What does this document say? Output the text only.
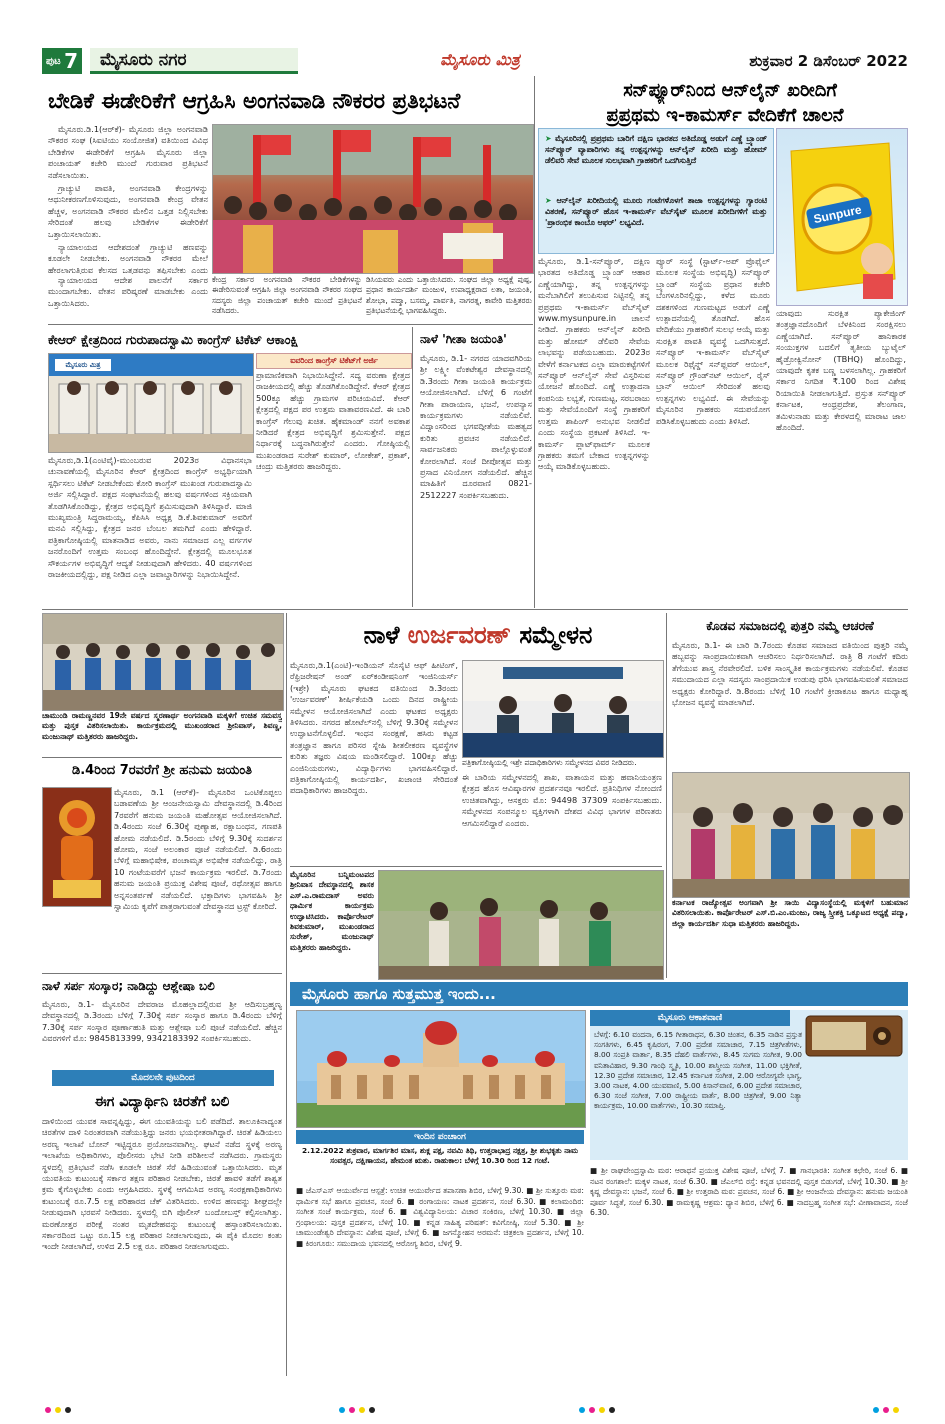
ಪುಟ 7	ಮೈಸೂರು ನಗರ	ಮೈಸೂರು ಮಿತ್ರ	ಶುಕ್ರವಾರ 2 ಡಿಸೆಂಬರ್ 2022
ಬೇಡಿಕೆ ಈಡೇರಿಕೆಗೆ ಆಗ್ರಹಿಸಿ ಅಂಗನವಾಡಿ ನೌಕರರ ಪ್ರತಿಭಟನೆ

ಮೈಸೂರು.ಡಿ.1(ಆರ್‌ಕೆ)- ಮೈಸೂರು ಜಿಲ್ಲಾ ಅಂಗನವಾಡಿ ನೌಕರರ ಸಂಘ (ಸಿಐಟಿಯು ಸಂಯೋಜಿತ) ವತಿಯಿಂದ ವಿವಿಧ ಬೇಡಿಕೆಗಳ ಈಡೇರಿಕೆಗೆ ಆಗ್ರಹಿಸಿ ಮೈಸೂರು ಜಿಲ್ಲಾ ಪಂಚಾಯತ್ ಕಚೇರಿ ಮುಂದೆ ಗುರುವಾರ ಪ್ರತಿಭಟನೆ ನಡೆಸಲಾಯಿತು.

ಗ್ರಾಚ್ಯುಟಿ ಪಾವತಿ, ಅಂಗನವಾಡಿ ಕೇಂದ್ರಗಳನ್ನು ಆಧುನೀಕರಣಗೊಳಿಸುವುದು, ಅಂಗನವಾಡಿ ಕೇಂದ್ರ ವೇತನ ಹೆಚ್ಚಳ, ಅಂಗನವಾಡಿ ನೌಕರರ ಮೇಲಿನ ಒತ್ತಡ ನಿಲ್ಲಿಸಬೇಕು ಸೇರಿದಂತೆ ಹಲವು ಬೇಡಿಕೆಗಳ ಈಡೇರಿಕೆಗೆ ಒತ್ತಾಯಿಸಲಾಯಿತು.

ನ್ಯಾಯಾಲಯದ ಆದೇಶದಂತೆ ಗ್ರಾಚ್ಯುಟಿ ಹಣವನ್ನು ಕೂಡಲೇ ನೀಡಬೇಕು. ಅಂಗನವಾಡಿ ನೌಕರರ ಮೇಲೆ ಹೇರಲಾಗುತ್ತಿರುವ ಕೆಲಸದ ಒತ್ತಡವನ್ನು ತಪ್ಪಿಸಬೇಕು ಎಂದು

ಕೇಂದ್ರ ಸರ್ಕಾರ ಅಂಗನವಾಡಿ ನೌಕರರ ಬೇಡಿಕೆಗಳನ್ನು ಈಡೇರಿಸುವಂತೆ ಆಗ್ರಹಿಸಿ ಜಿಲ್ಲಾ ಅಂಗನವಾಡಿ ನೌಕರರ ಸಂಘದ ಸದಸ್ಯರು ಜಿಲ್ಲಾ ಪಂಚಾಯತ್ ಕಚೇರಿ ಮುಂದೆ ಪ್ರತಿಭಟನೆ ನಡೆಸಿದರು.
ಡಿಸಿಯವರು ಎಂದು ಒತ್ತಾಯಿಸಿದರು. ಸಂಘದ ಜಿಲ್ಲಾ ಅಧ್ಯಕ್ಷೆ ಪುಷ್ಪ, ಪ್ರಧಾನ ಕಾರ್ಯದರ್ಶಿ ಮಂಜುಳ, ಉಪಾಧ್ಯಕ್ಷರಾದ ಲತಾ, ಜಯಂತಿ, ಶೋಭಾ, ಪದ್ಮಾ, ಬಸಮ್ಮ, ಪಾರ್ವತಿ, ನಾಗರತ್ನ, ಕಾವೇರಿ ಮತ್ತಿತರರು ಪ್ರತಿಭಟನೆಯಲ್ಲಿ ಭಾಗವಹಿಸಿದ್ದರು.

ನ್ಯಾಯಾಲಯದ ಆದೇಶ ಪಾಲನೆಗೆ ಸರ್ಕಾರ ಮುಂದಾಗಬೇಕು. ವೇತನ ಪರಿಷ್ಕರಣೆ ಮಾಡಬೇಕು ಎಂದು ಒತ್ತಾಯಿಸಿದರು.

ಸನ್‌ಪ್ಯೂರ್‌ನಿಂದ ಆನ್‌ಲೈನ್ ಖರೀದಿಗೆ
ಪ್ರಪ್ರಥಮ ಇ-ಕಾಮರ್ಸ್ ವೇದಿಕೆಗೆ ಚಾಲನೆ
➤ ಮೈಸೂರಿನಲ್ಲಿ ಪ್ರಪ್ರಥಮ ಬಾರಿಗೆ ದಕ್ಷಿಣ ಭಾರತದ ಅತಿದೊಡ್ಡ ಅಡುಗೆ ಎಣ್ಣೆ ಬ್ರ್ಯಾಂಡ್ ಸನ್‌ಪ್ಯೂರ್ ವ್ಯಾಪಾರಿಗಳು ತನ್ನ ಉತ್ಪನ್ನಗಳನ್ನು ಆನ್‌ಲೈನ್ ಖರೀದಿ ಮತ್ತು ಹೋಮ್ ಡೆಲಿವರಿ ಸೇವೆ ಮೂಲಕ ಸುಲಭವಾಗಿ ಗ್ರಾಹಕರಿಗೆ ಒದಗಿಸುತ್ತಿದೆ
➤ ಆನ್‌ಲೈನ್ ಖರೀದಿಯಲ್ಲಿ ಮೂರು ಗಂಟೆಗಳೊಳಗೆ ತಾಜಾ ಉತ್ಪನ್ನಗಳನ್ನು ಗ್ಯಾರಂಟಿ ವಿತರಣೆ, ಸನ್‌ಪ್ಯೂರ್ ಹೊಸ ಇ-ಕಾಮರ್ಸ್ ವೆಬ್‌ಸೈಟ್ ಮೂಲಕ ಖರೀದಿಗಳಿಗೆ ಮತ್ತು 'ಪ್ರಾರಂಭಿಕ ಕಾಂಬೊ ಆಫರ್' ಲಭ್ಯವಿದೆ.	Sunpure
ಮೈಸೂರು, ಡಿ.1-ಸನ್‌ಪ್ಯೂರ್, ದಕ್ಷಿಣ ಭಾರತದ ಅತಿದೊಡ್ಡ ಬ್ರ್ಯಾಂಡ್ ಆಹಾರ ಎಣ್ಣೆಯಾಗಿದ್ದು, ತನ್ನ ಉತ್ಪನ್ನಗಳನ್ನು ಮನೆಬಾಗಿಲಿಗೆ ತಲುಪಿಸುವ ನಿಟ್ಟಿನಲ್ಲಿ ತನ್ನ ಪ್ರಪ್ರಥಮ ಇ-ಕಾಮರ್ಸ್ ವೆಬ್‌ಸೈಟ್ www.mysunpure.in ಚಾಲನೆ ನೀಡಿದೆ. ಗ್ರಾಹಕರು ಆನ್‌ಲೈನ್ ಖರೀದಿ ಮತ್ತು ಹೋಮ್ ಡೆಲಿವರಿ ಸೇವೆಯ ಲಾಭವನ್ನು ಪಡೆಯಬಹುದು. 2023ರ ವೇಳೆಗೆ ಕರ್ನಾಟಕದ ಎಲ್ಲಾ ಮಾರುಕಟ್ಟೆಗಳಿಗೆ ಸನ್‌ಪ್ಯೂರ್ ಆನ್‌ಲೈನ್ ಸೇವೆ ವಿಸ್ತರಿಸುವ ಯೋಜನೆ ಹೊಂದಿದೆ. ಎಣ್ಣೆ ಉತ್ಪಾದನಾ ಕಂಪನಿಯ ಲಭ್ಯತೆ, ಗುಣಮಟ್ಟ, ಸರಬರಾಜು ಮತ್ತು ಸೇವೆಯೊಂದಿಗೆ ಸಂಸ್ಥೆ ಗ್ರಾಹಕರಿಗೆ ಉತ್ತಮ ಶಾಪಿಂಗ್ ಅನುಭವ ನೀಡಲಿದೆ ಎಂದು ಸಂಸ್ಥೆಯ ಪ್ರಕಟಣೆ ತಿಳಿಸಿದೆ. ಇ-ಕಾಮರ್ಸ್ ಪ್ಲಾಟ್‌ಫಾರ್ಮ್ ಮೂಲಕ ಗ್ರಾಹಕರು ತಮಗೆ ಬೇಕಾದ ಉತ್ಪನ್ನಗಳನ್ನು ಆಯ್ಕೆ ಮಾಡಿಕೊಳ್ಳಬಹುದು.
ಪ್ಯೂರ್ ಸಂಸ್ಥೆ (ಸ್ಟಾರ್ಟ್-ಅಪ್ ಪ್ರೊಫೈಲ್ ಮೂಲಕ ಸಂಸ್ಥೆಯ ಅಭಿವೃದ್ಧಿ) ಸನ್‌ಪ್ಯೂರ್ ಬ್ರ್ಯಾಂಡ್ ಸಂಸ್ಥೆಯ ಪ್ರಧಾನ ಕಚೇರಿ ಬೆಂಗಳೂರಿನಲ್ಲಿದ್ದು, ಕಳೆದ ಮೂರು ದಶಕಗಳಿಂದ ಗುಣಮಟ್ಟದ ಅಡುಗೆ ಎಣ್ಣೆ ಉತ್ಪಾದನೆಯಲ್ಲಿ ತೊಡಗಿದೆ. ಹೊಸ ವೇದಿಕೆಯು ಗ್ರಾಹಕರಿಗೆ ಸುಲಭ ಆಯ್ಕೆ ಮತ್ತು ಸುರಕ್ಷಿತ ಪಾವತಿ ವ್ಯವಸ್ಥೆ ಒದಗಿಸುತ್ತದೆ. ಸನ್‌ಪ್ಯೂರ್ ಇ-ಕಾಮರ್ಸ್ ವೆಬ್‌ಸೈಟ್ ಮೂಲಕ ರಿಫೈನ್ಡ್ ಸನ್‌ಫ್ಲವರ್ ಆಯಿಲ್, ಸನ್‌ಪ್ಯೂರ್ ಗ್ರೌಂಡ್‌ನಟ್ ಆಯಿಲ್, ರೈಸ್ ಬ್ರಾನ್ ಆಯಿಲ್ ಸೇರಿದಂತೆ ಹಲವು ಉತ್ಪನ್ನಗಳು ಲಭ್ಯವಿದೆ. ಈ ಸೇವೆಯನ್ನು ಮೈಸೂರಿನ ಗ್ರಾಹಕರು ಸದುಪಯೋಗ ಪಡಿಸಿಕೊಳ್ಳಬಹುದು ಎಂದು ತಿಳಿಸಿದೆ.
ಯಾವುದು ಸುರಕ್ಷಿತ ಪ್ಯಾಕೇಜಿಂಗ್ ತಂತ್ರಜ್ಞಾನದೊಂದಿಗೆ ಬೆಳಕಿನಿಂದ ಸಂರಕ್ಷಿಸಲು ಎಣ್ಣೆಯಾಗಿದೆ. ಸನ್‌ಪ್ಯೂರ್ ಹಾನಿಕಾರಕ ಸಂಯುಕ್ತಗಳ ಬದಲಿಗೆ ತೃತೀಯ ಬ್ಯುಟೈಲ್ ಹೈಡ್ರೋಕ್ವಿನೋನ್ (TBHQ) ಹೊಂದಿದ್ದು, ಯಾವುದೇ ಕೃತಕ ಬಣ್ಣ ಬಳಸಲಾಗಿಲ್ಲ. ಗ್ರಾಹಕರಿಗೆ ಸರ್ಕಾರ ನಿಗದಿತ ₹.100 ರಿಂದ ವಿಶೇಷ ರಿಯಾಯಿತಿ ನೀಡಲಾಗುತ್ತಿದೆ. ಪ್ರಸ್ತುತ ಸನ್‌ಪ್ಯೂರ್ ಕರ್ನಾಟಕ, ಆಂಧ್ರಪ್ರದೇಶ, ತೆಲಂಗಾಣ, ತಮಿಳುನಾಡು ಮತ್ತು ಕೇರಳದಲ್ಲಿ ಮಾರಾಟ ಜಾಲ ಹೊಂದಿದೆ.
ಕೇಆರ್ ಕ್ಷೇತ್ರದಿಂದ ಗುರುಪಾದಸ್ವಾಮಿ ಕಾಂಗ್ರೆಸ್ ಟಿಕೆಟ್ ಆಕಾಂಕ್ಷಿ
ಮೈಸೂರು ಮಿತ್ರ	ಐವರಿಂದ ಕಾಂಗ್ರೆಸ್ ಟಿಕೆಟ್‌ಗೆ ಅರ್ಜಿ
ಪ್ರಾಮಾಣಿಕವಾಗಿ ನಿಭಾಯಿಸಿದ್ದೇನೆ. ಸದ್ಯ ವರುಣಾ ಕ್ಷೇತ್ರದ ರಾಜಕೀಯದಲ್ಲಿ ಹೆಚ್ಚು ತೊಡಗಿಕೊಂಡಿದ್ದೇನೆ. ಕೆಆರ್ ಕ್ಷೇತ್ರದ 500ಕ್ಕೂ ಹೆಚ್ಚು ಗ್ರಾಮಗಳ ಪರಿಚಯವಿದೆ. ಕೆಆರ್ ಕ್ಷೇತ್ರದಲ್ಲಿ ಪಕ್ಷದ ಪರ ಉತ್ತಮ ವಾತಾವರಣವಿದೆ. ಈ ಬಾರಿ ಕಾಂಗ್ರೆಸ್ ಗೆಲುವು ಖಚಿತ. ಹೈಕಮಾಂಡ್ ನನಗೆ ಅವಕಾಶ ನೀಡಿದರೆ ಕ್ಷೇತ್ರದ ಅಭಿವೃದ್ಧಿಗೆ ಶ್ರಮಿಸುತ್ತೇನೆ. ಪಕ್ಷದ ನಿರ್ಧಾರಕ್ಕೆ ಬದ್ಧನಾಗಿರುತ್ತೇನೆ ಎಂದರು. ಗೋಷ್ಠಿಯಲ್ಲಿ ಮುಖಂಡರಾದ ಸುರೇಶ್ ಕುಮಾರ್, ಲೋಕೇಶ್, ಪ್ರಕಾಶ್, ಚಂದ್ರು ಮತ್ತಿತರರು ಹಾಜರಿದ್ದರು.
ಮೈಸೂರು,ಡಿ.1(ಎಂಟಿವೈ)-ಮುಂಬರುವ 2023ರ ವಿಧಾನಸಭಾ ಚುನಾವಣೆಯಲ್ಲಿ ಮೈಸೂರಿನ ಕೆಆರ್ ಕ್ಷೇತ್ರದಿಂದ ಕಾಂಗ್ರೆಸ್ ಅಭ್ಯರ್ಥಿಯಾಗಿ ಸ್ಪರ್ಧಿಸಲು ಟಿಕೆಟ್ ನೀಡಬೇಕೆಂದು ಕೋರಿ ಕಾಂಗ್ರೆಸ್ ಮುಖಂಡ ಗುರುಪಾದಸ್ವಾಮಿ ಅರ್ಜಿ ಸಲ್ಲಿಸಿದ್ದಾರೆ. ಪಕ್ಷದ ಸಂಘಟನೆಯಲ್ಲಿ ಹಲವು ವರ್ಷಗಳಿಂದ ಸಕ್ರಿಯವಾಗಿ ತೊಡಗಿಸಿಕೊಂಡಿದ್ದು, ಕ್ಷೇತ್ರದ ಅಭಿವೃದ್ಧಿಗೆ ಶ್ರಮಿಸುವುದಾಗಿ ತಿಳಿಸಿದ್ದಾರೆ. ಮಾಜಿ ಮುಖ್ಯಮಂತ್ರಿ ಸಿದ್ದರಾಮಯ್ಯ, ಕೆಪಿಸಿಸಿ ಅಧ್ಯಕ್ಷ ಡಿ.ಕೆ.ಶಿವಕುಮಾರ್ ಅವರಿಗೆ ಮನವಿ ಸಲ್ಲಿಸಿದ್ದು, ಕ್ಷೇತ್ರದ ಜನರ ಬೆಂಬಲ ತಮಗಿದೆ ಎಂದು ಹೇಳಿದ್ದಾರೆ. ಪತ್ರಿಕಾಗೋಷ್ಠಿಯಲ್ಲಿ ಮಾತನಾಡಿದ ಅವರು, ನಾನು ಸಮಾಜದ ಎಲ್ಲ ವರ್ಗಗಳ ಜನರೊಂದಿಗೆ ಉತ್ತಮ ಸಂಬಂಧ ಹೊಂದಿದ್ದೇನೆ. ಕ್ಷೇತ್ರದಲ್ಲಿ ಮೂಲಭೂತ ಸೌಕರ್ಯಗಳ ಅಭಿವೃದ್ಧಿಗೆ ಆದ್ಯತೆ ನೀಡುವುದಾಗಿ ಹೇಳಿದರು. 40 ವರ್ಷಗಳಿಂದ ರಾಜಕೀಯದಲ್ಲಿದ್ದು, ಪಕ್ಷ ನೀಡಿದ ಎಲ್ಲಾ ಜವಾಬ್ದಾರಿಗಳನ್ನು ನಿಭಾಯಿಸಿದ್ದೇನೆ.
ನಾಳೆ 'ಗೀತಾ ಜಯಂತಿ'
ಮೈಸೂರು, ಡಿ.1- ನಗರದ ಯಾದವಗಿರಿಯ ಶ್ರೀ ಲಕ್ಷ್ಮೀ ವೆಂಕಟೇಶ್ವರ ದೇವಸ್ಥಾನದಲ್ಲಿ ಡಿ.3ರಂದು ಗೀತಾ ಜಯಂತಿ ಕಾರ್ಯಕ್ರಮ ಆಯೋಜಿಸಲಾಗಿದೆ. ಬೆಳಿಗ್ಗೆ 6 ಗಂಟೆಗೆ ಗೀತಾ ಪಾರಾಯಣ, ಭಜನೆ, ಉಪನ್ಯಾಸ ಕಾರ್ಯಕ್ರಮಗಳು ನಡೆಯಲಿವೆ. ವಿದ್ವಾಂಸರಿಂದ ಭಗವದ್ಗೀತೆಯ ಮಹತ್ವದ ಕುರಿತು ಪ್ರವಚನ ನಡೆಯಲಿದೆ. ಸಾರ್ವಜನಿಕರು ಪಾಲ್ಗೊಳ್ಳುವಂತೆ ಕೋರಲಾಗಿದೆ. ಸಂಜೆ ದೀಪೋತ್ಸವ ಮತ್ತು ಪ್ರಸಾದ ವಿನಿಯೋಗ ನಡೆಯಲಿದೆ. ಹೆಚ್ಚಿನ ಮಾಹಿತಿಗೆ ದೂರವಾಣಿ 0821-2512227 ಸಂಪರ್ಕಿಸಬಹುದು.
ಚಾಮುಂಡಿ ರಾಮಣ್ಣನವರ 19ನೇ ವರ್ಷದ ಸ್ಮರಣಾರ್ಥ ಅಂಗನವಾಡಿ ಮಕ್ಕಳಿಗೆ ಉಚಿತ ಸಮವಸ್ತ್ರ ಮತ್ತು ಪುಸ್ತಕ ವಿತರಿಸಲಾಯಿತು. ಕಾರ್ಯಕ್ರಮದಲ್ಲಿ ಮುಖಂಡರಾದ ಶ್ರೀನಿವಾಸ್, ಶಿವಣ್ಣ, ಮಂಜುನಾಥ್ ಮತ್ತಿತರರು ಹಾಜರಿದ್ದರು.
ಡಿ.4ರಿಂದ 7ರವರೆಗೆ ಶ್ರೀ ಹನುಮ ಜಯಂತಿ
ಮೈಸೂರು, ಡಿ.1 (ಆರ್‌ಕೆ)- ಮೈಸೂರಿನ ಒಂಟಿಕೊಪ್ಪಲು ಬಡಾವಣೆಯ ಶ್ರೀ ಆಂಜನೇಯಸ್ವಾಮಿ ದೇವಸ್ಥಾನದಲ್ಲಿ ಡಿ.4ರಿಂದ 7ರವರೆಗೆ ಹನುಮ ಜಯಂತಿ ಮಹೋತ್ಸವ ಆಯೋಜಿಸಲಾಗಿದೆ. ಡಿ.4ರಂದು ಸಂಜೆ 6.30ಕ್ಕೆ ಪುಣ್ಯಾಹ, ರಕ್ಷಾಬಂಧನ, ಗಣಪತಿ ಹೋಮ ನಡೆಯಲಿದೆ. ಡಿ.5ರಂದು ಬೆಳಿಗ್ಗೆ 9.30ಕ್ಕೆ ಸುದರ್ಶನ ಹೋಮ, ಸಂಜೆ ಅಲಂಕಾರ ಪೂಜೆ ನಡೆಯಲಿದೆ. ಡಿ.6ರಂದು ಬೆಳಿಗ್ಗೆ ಮಹಾಭಿಷೇಕ, ಪಂಚಾಮೃತ ಅಭಿಷೇಕ ನಡೆಯಲಿದ್ದು, ರಾತ್ರಿ 10 ಗಂಟೆಯವರೆಗೆ ಭಜನೆ ಕಾರ್ಯಕ್ರಮ ಇರಲಿದೆ. ಡಿ.7ರಂದು ಹನುಮ ಜಯಂತಿ ಪ್ರಯುಕ್ತ ವಿಶೇಷ ಪೂಜೆ, ರಥೋತ್ಸವ ಹಾಗೂ ಅನ್ನಸಂತರ್ಪಣೆ ನಡೆಯಲಿದೆ. ಭಕ್ತಾದಿಗಳು ಭಾಗವಹಿಸಿ ಶ್ರೀ ಸ್ವಾಮಿಯ ಕೃಪೆಗೆ ಪಾತ್ರರಾಗುವಂತೆ ದೇವಸ್ಥಾನದ ಟ್ರಸ್ಟ್ ಕೋರಿದೆ.
ನಾಳೆ ಸರ್ಪ ಸಂಸ್ಕಾರ; ನಾಡಿದ್ದು ಆಶ್ಲೇಷಾ ಬಲಿ
ಮೈಸೂರು, ಡಿ.1- ಮೈಸೂರಿನ ದೇವರಾಜ ಮೊಹಲ್ಲಾದಲ್ಲಿರುವ ಶ್ರೀ ಆದಿಸುಬ್ರಹ್ಮಣ್ಯ ದೇವಸ್ಥಾನದಲ್ಲಿ ಡಿ.3ರಂದು ಬೆಳಿಗ್ಗೆ 7.30ಕ್ಕೆ ಸರ್ಪ ಸಂಸ್ಕಾರ ಹಾಗೂ ಡಿ.4ರಂದು ಬೆಳಿಗ್ಗೆ 7.30ಕ್ಕೆ ಸರ್ಪ ಸಂಸ್ಕಾರ ಪೂರ್ಣಾಹುತಿ ಮತ್ತು ಆಶ್ಲೇಷಾ ಬಲಿ ಪೂಜೆ ನಡೆಯಲಿದೆ. ಹೆಚ್ಚಿನ ವಿವರಗಳಿಗೆ ಮೊ: 9845813399, 9342183392 ಸಂಪರ್ಕಿಸಬಹುದು.
ಮೊದಲನೇ ಪುಟದಿಂದ
ಈಗ ವಿದ್ಯಾರ್ಥಿನಿ ಚಿರತೆಗೆ ಬಲಿ
ದಾಳಿಯಿಂದ ಯುವಕ ಸಾವನ್ನಪ್ಪಿದ್ದು, ಈಗ ಯುವತಿಯನ್ನು ಬಲಿ ಪಡೆದಿದೆ. ತಾಲೂಕಿನಾದ್ಯಂತ ಚಿರತೆಗಳ ದಾಳಿ ನಿರಂತರವಾಗಿ ನಡೆಯುತ್ತಿದ್ದು ಜನರು ಭಯಭೀತರಾಗಿದ್ದಾರೆ. ಚಿರತೆ ಹಿಡಿಯಲು ಅರಣ್ಯ ಇಲಾಖೆ ಬೋನ್ ಇಟ್ಟಿದ್ದರೂ ಪ್ರಯೋಜನವಾಗಿಲ್ಲ. ಘಟನೆ ನಡೆದ ಸ್ಥಳಕ್ಕೆ ಅರಣ್ಯ ಇಲಾಖೆಯ ಅಧಿಕಾರಿಗಳು, ಪೊಲೀಸರು ಭೇಟಿ ನೀಡಿ ಪರಿಶೀಲನೆ ನಡೆಸಿದರು. ಗ್ರಾಮಸ್ಥರು ಸ್ಥಳದಲ್ಲಿ ಪ್ರತಿಭಟನೆ ನಡೆಸಿ ಕೂಡಲೇ ಚಿರತೆ ಸೆರೆ ಹಿಡಿಯುವಂತೆ ಒತ್ತಾಯಿಸಿದರು. ಮೃತ ಯುವತಿಯ ಕುಟುಂಬಕ್ಕೆ ಸರ್ಕಾರ ತಕ್ಷಣ ಪರಿಹಾರ ನೀಡಬೇಕು, ಚಿರತೆ ಹಾವಳಿ ತಡೆಗೆ ಶಾಶ್ವತ ಕ್ರಮ ಕೈಗೊಳ್ಳಬೇಕು ಎಂದು ಆಗ್ರಹಿಸಿದರು. ಸ್ಥಳಕ್ಕೆ ಆಗಮಿಸಿದ ಅರಣ್ಯ ಸಂರಕ್ಷಣಾಧಿಕಾರಿಗಳು ಕುಟುಂಬಕ್ಕೆ ರೂ.7.5 ಲಕ್ಷ ಪರಿಹಾರದ ಚೆಕ್ ವಿತರಿಸಿದರು. ಉಳಿದ ಹಣವನ್ನು ಶೀಘ್ರದಲ್ಲೇ ನೀಡುವುದಾಗಿ ಭರವಸೆ ನೀಡಿದರು. ಸ್ಥಳದಲ್ಲಿ ಬಿಗಿ ಪೊಲೀಸ್ ಬಂದೋಬಸ್ತ್ ಕಲ್ಪಿಸಲಾಗಿತ್ತು. ಮರಣೋತ್ತರ ಪರೀಕ್ಷೆ ನಂತರ ಮೃತದೇಹವನ್ನು ಕುಟುಂಬಕ್ಕೆ ಹಸ್ತಾಂತರಿಸಲಾಯಿತು. ಸರ್ಕಾರದಿಂದ ಒಟ್ಟು ರೂ.15 ಲಕ್ಷ ಪರಿಹಾರ ನೀಡಲಾಗುವುದು, ಈ ಪೈಕಿ ಮೊದಲ ಕಂತು ಇಂದೇ ನೀಡಲಾಗಿದೆ, ಉಳಿದ 2.5 ಲಕ್ಷ ರೂ. ಪರಿಹಾರ ನೀಡಲಾಗುವುದು.
ನಾಳೆ ಉರ್ಜವರಣ್ ಸಮ್ಮೇಳನ
ಮೈಸೂರು,ಡಿ.1(ಎಂಟಿ)-ಇಂಡಿಯನ್ ಸೊಸೈಟಿ ಆಫ್ ಹೀಟಿಂಗ್, ರೆಫ್ರಿಜರೇಷನ್ ಅಂಡ್ ಏರ್‌ಕಂಡೀಷನಿಂಗ್ ಇಂಜಿನಿಯರ್ಸ್ (ಇಶ್ರೇ) ಮೈಸೂರು ಘಟಕದ ವತಿಯಿಂದ ಡಿ.3ರಂದು 'ಉರ್ಜವರಣ್' ಶೀರ್ಷಿಕೆಯಡಿ ಒಂದು ದಿನದ ರಾಷ್ಟ್ರೀಯ ಸಮ್ಮೇಳನ ಆಯೋಜಿಸಲಾಗಿದೆ ಎಂದು ಘಟಕದ ಅಧ್ಯಕ್ಷರು ತಿಳಿಸಿದರು. ನಗರದ ಹೋಟೆಲ್‌ನಲ್ಲಿ ಬೆಳಿಗ್ಗೆ 9.30ಕ್ಕೆ ಸಮ್ಮೇಳನ ಉದ್ಘಾಟನೆಗೊಳ್ಳಲಿದೆ. ಇಂಧನ ಸಂರಕ್ಷಣೆ, ಹಸಿರು ಕಟ್ಟಡ ತಂತ್ರಜ್ಞಾನ ಹಾಗೂ ಪರಿಸರ ಸ್ನೇಹಿ ಶೀತಲೀಕರಣ ವ್ಯವಸ್ಥೆಗಳ ಕುರಿತು ತಜ್ಞರು ವಿಷಯ ಮಂಡಿಸಲಿದ್ದಾರೆ. 100ಕ್ಕೂ ಹೆಚ್ಚು ಎಂಜಿನಿಯರುಗಳು, ವಿದ್ಯಾರ್ಥಿಗಳು ಭಾಗವಹಿಸಲಿದ್ದಾರೆ. ಪತ್ರಿಕಾಗೋಷ್ಠಿಯಲ್ಲಿ ಕಾರ್ಯದರ್ಶಿ, ಖಜಾಂಚಿ ಸೇರಿದಂತೆ ಪದಾಧಿಕಾರಿಗಳು ಹಾಜರಿದ್ದರು.
ಪತ್ರಿಕಾಗೋಷ್ಠಿಯಲ್ಲಿ ಇಶ್ರೇ ಪದಾಧಿಕಾರಿಗಳು ಸಮ್ಮೇಳನದ ವಿವರ ನೀಡಿದರು.
ಈ ಬಾರಿಯ ಸಮ್ಮೇಳನದಲ್ಲಿ ಶಾಖ, ವಾತಾಯನ ಮತ್ತು ಹವಾನಿಯಂತ್ರಣ ಕ್ಷೇತ್ರದ ಹೊಸ ಆವಿಷ್ಕಾರಗಳ ಪ್ರದರ್ಶನವೂ ಇರಲಿದೆ. ಪ್ರತಿನಿಧಿಗಳ ನೋಂದಣಿ ಉಚಿತವಾಗಿದ್ದು, ಆಸಕ್ತರು ಮೊ: 94498 37309 ಸಂಪರ್ಕಿಸಬಹುದು. ಸಮ್ಮೇಳನದ ಸಂಪನ್ಮೂಲ ವ್ಯಕ್ತಿಗಳಾಗಿ ದೇಶದ ವಿವಿಧ ಭಾಗಗಳ ಪರಿಣತರು ಆಗಮಿಸಲಿದ್ದಾರೆ ಎಂದರು.
ಮೈಸೂರಿನ ಬನ್ನಿಮಂಟಪದ ಶ್ರೀನಿವಾಸ ದೇವಸ್ಥಾನದಲ್ಲಿ ಶಾಸಕ ಎಸ್.ಎ.ರಾಮದಾಸ್ ಅವರು ಧಾರ್ಮಿಕ ಕಾರ್ಯಕ್ರಮ ಉದ್ಘಾಟಿಸಿದರು. ಕಾರ್ಪೊರೇಟರ್ ಶಿವಕುಮಾರ್, ಮುಖಂಡರಾದ ಸುರೇಶ್, ಮಂಜುನಾಥ್ ಮತ್ತಿತರರು ಹಾಜರಿದ್ದರು.
ಕೊಡವ ಸಮಾಜದಲ್ಲಿ ಪುತ್ತರಿ ನಮ್ಮೆ ಆಚರಣೆ
ಮೈಸೂರು, ಡಿ.1- ಈ ಬಾರಿ ಡಿ.7ರಂದು ಕೊಡವ ಸಮಾಜದ ವತಿಯಿಂದ ಪುತ್ತರಿ ನಮ್ಮೆ ಹಬ್ಬವನ್ನು ಸಾಂಪ್ರದಾಯಿಕವಾಗಿ ಆಚರಿಸಲು ನಿರ್ಧರಿಸಲಾಗಿದೆ. ರಾತ್ರಿ 8 ಗಂಟೆಗೆ ಕದಿರು ತೆಗೆಯುವ ಶಾಸ್ತ್ರ ನೆರವೇರಲಿದೆ. ಬಳಿಕ ಸಾಂಸ್ಕೃತಿಕ ಕಾರ್ಯಕ್ರಮಗಳು ನಡೆಯಲಿವೆ. ಕೊಡವ ಸಮುದಾಯದ ಎಲ್ಲಾ ಸದಸ್ಯರು ಸಾಂಪ್ರದಾಯಿಕ ಉಡುಪು ಧರಿಸಿ ಭಾಗವಹಿಸುವಂತೆ ಸಮಾಜದ ಅಧ್ಯಕ್ಷರು ಕೋರಿದ್ದಾರೆ. ಡಿ.8ರಂದು ಬೆಳಿಗ್ಗೆ 10 ಗಂಟೆಗೆ ಕ್ರೀಡಾಕೂಟ ಹಾಗೂ ಮಧ್ಯಾಹ್ನ ಭೋಜನ ವ್ಯವಸ್ಥೆ ಮಾಡಲಾಗಿದೆ.
ಕರ್ನಾಟಕ ರಾಜ್ಯೋತ್ಸವ ಅಂಗವಾಗಿ ಶ್ರೀ ಸಾಯಿ ವಿದ್ಯಾಸಂಸ್ಥೆಯಲ್ಲಿ ಮಕ್ಕಳಿಗೆ ಬಹುಮಾನ ವಿತರಿಸಲಾಯಿತು. ಕಾರ್ಪೊರೇಟರ್ ಎಸ್.ಬಿ.ಎಂ.ಮಂಜು, ರಾಜ್ಯ ಸ್ತ್ರೀಶಕ್ತಿ ಒಕ್ಕೂಟದ ಅಧ್ಯಕ್ಷೆ ಪದ್ಮಾ, ಜಿಲ್ಲಾ ಕಾರ್ಯದರ್ಶಿ ಸುಧಾ ಮತ್ತಿತರರು ಹಾಜರಿದ್ದರು.
ಮೈಸೂರು ಹಾಗೂ ಸುತ್ತಮುತ್ತ ಇಂದು...
ಮೈಸೂರು ಆಕಾಶವಾಣಿ
ಬೆಳಗ್ಗೆ: 6.10 ವಂದನಾ, 6.15 ಗೀತಾರಾಧನ, 6.30 ಚಿಂತನ, 6.35 ನಾಡಿನ ಪ್ರಸ್ತುತ ಸಂಗತಿಗಳು, 6.45 ಕೃಷಿರಂಗ, 7.00 ಪ್ರದೇಶ ಸಮಾಚಾರ, 7.15 ಚಿತ್ರಗೀತೆಗಳು, 8.00 ಸಂಪ್ರತಿ ವಾರ್ತಾ, 8.35 ದೆಹಲಿ ವಾರ್ತೆಗಳು, 8.45 ಸುಗಮ ಸಂಗೀತ, 9.00 ವನಿತಾವಿಹಾರ, 9.30 ಗಾಂಧಿ ಸ್ಮೃತಿ, 10.00 ಶಾಸ್ತ್ರೀಯ ಸಂಗೀತ, 11.00 ಭಕ್ತಿಗೀತೆ, 12.30 ಪ್ರದೇಶ ಸಮಾಚಾರ, 12.45 ಕರ್ನಾಟಕ ಸಂಗೀತ, 2.00 ಆರೋಗ್ಯವೇ ಭಾಗ್ಯ, 3.00 ನಾಟಕ, 4.00 ಯುವವಾಣಿ, 5.00 ಕಿಸಾನ್‌ವಾಣಿ, 6.00 ಪ್ರದೇಶ ಸಮಾಚಾರ, 6.30 ಸಂಜೆ ಸಂಗೀತ, 7.00 ರಾಷ್ಟ್ರೀಯ ವಾರ್ತೆ, 8.00 ಚಿತ್ರಗೀತೆ, 9.00 ನಿತ್ಯಾ ಕಾರ್ಯಕ್ರಮ, 10.00 ವಾರ್ತೆಗಳು, 10.30 ಸಮಾಪ್ತಿ.
ಇಂದಿನ ಪಂಚಾಂಗ
2.12.2022 ಶುಕ್ರವಾರ, ಮಾರ್ಗಶಿರ ಮಾಸ, ಶುಕ್ಲ ಪಕ್ಷ, ನವಮಿ ತಿಥಿ, ಉತ್ತರಾಭಾದ್ರ ನಕ್ಷತ್ರ, ಶ್ರೀ ಶುಭಕೃತು ನಾಮ ಸಂವತ್ಸರ, ದಕ್ಷಿಣಾಯನ, ಹೇಮಂತ ಋತು. ರಾಹುಕಾಲ: ಬೆಳಿಗ್ಗೆ 10.30 ರಿಂದ 12 ಗಂಟೆ.
■ ಜೆಎಸ್‌ಎಸ್ ಆಯುರ್ವೇದ ಆಸ್ಪತ್ರೆ: ಉಚಿತ ಆಯುರ್ವೇದ ತಪಾಸಣಾ ಶಿಬಿರ, ಬೆಳಿಗ್ಗೆ 9.30. ■ ಶ್ರೀ ಸುತ್ತೂರು ಮಠ: ಧಾರ್ಮಿಕ ಸಭೆ ಹಾಗೂ ಪ್ರವಚನ, ಸಂಜೆ 6. ■ ರಂಗಾಯಣ: ನಾಟಕ ಪ್ರದರ್ಶನ, ಸಂಜೆ 6.30. ■ ಕಲಾಮಂದಿರ: ಸಂಗೀತ ಸಂಜೆ ಕಾರ್ಯಕ್ರಮ, ಸಂಜೆ 6. ■ ವಿಶ್ವವಿದ್ಯಾನಿಲಯ: ವಿಚಾರ ಸಂಕಿರಣ, ಬೆಳಿಗ್ಗೆ 10.30. ■ ಜಿಲ್ಲಾ ಗ್ರಂಥಾಲಯ: ಪುಸ್ತಕ ಪ್ರದರ್ಶನ, ಬೆಳಿಗ್ಗೆ 10. ■ ಕನ್ನಡ ಸಾಹಿತ್ಯ ಪರಿಷತ್: ಕವಿಗೋಷ್ಠಿ, ಸಂಜೆ 5.30. ■ ಶ್ರೀ ಚಾಮುಂಡೇಶ್ವರಿ ದೇವಸ್ಥಾನ: ವಿಶೇಷ ಪೂಜೆ, ಬೆಳಿಗ್ಗೆ 6. ■ ಜಗನ್ಮೋಹನ ಅರಮನೆ: ಚಿತ್ರಕಲಾ ಪ್ರದರ್ಶನ, ಬೆಳಿಗ್ಗೆ 10. ■ ಕಿರಂಗೂರು: ಸಮುದಾಯ ಭವನದಲ್ಲಿ ಆರೋಗ್ಯ ಶಿಬಿರ, ಬೆಳಿಗ್ಗೆ 9.
■ ಶ್ರೀ ರಾಘವೇಂದ್ರಸ್ವಾಮಿ ಮಠ: ಆರಾಧನೆ ಪ್ರಯುಕ್ತ ವಿಶೇಷ ಪೂಜೆ, ಬೆಳಿಗ್ಗೆ 7. ■ ಗಾನಭಾರತಿ: ಸಂಗೀತ ಕಛೇರಿ, ಸಂಜೆ 6. ■ ನಟನ ರಂಗಶಾಲೆ: ಮಕ್ಕಳ ನಾಟಕ, ಸಂಜೆ 6.30. ■ ಜೆಎಲ್‌ಬಿ ರಸ್ತೆ: ಕನ್ನಡ ಭವನದಲ್ಲಿ ಪುಸ್ತಕ ಬಿಡುಗಡೆ, ಬೆಳಿಗ್ಗೆ 10.30. ■ ಶ್ರೀ ಕೃಷ್ಣ ದೇವಸ್ಥಾನ: ಭಜನೆ, ಸಂಜೆ 6. ■ ಶ್ರೀ ಉತ್ತರಾದಿ ಮಠ: ಪ್ರವಚನ, ಸಂಜೆ 6. ■ ಶ್ರೀ ಆಂಜನೇಯ ದೇವಸ್ಥಾನ: ಹನುಮ ಜಯಂತಿ ಪೂರ್ವ ಸಿದ್ಧತೆ, ಸಂಜೆ 6.30. ■ ರಾಮಕೃಷ್ಣ ಆಶ್ರಮ: ಧ್ಯಾನ ಶಿಬಿರ, ಬೆಳಿಗ್ಗೆ 6. ■ ನಾದಬ್ರಹ್ಮ ಸಂಗೀತ ಸಭೆ: ವೀಣಾವಾದನ, ಸಂಜೆ 6.30.
